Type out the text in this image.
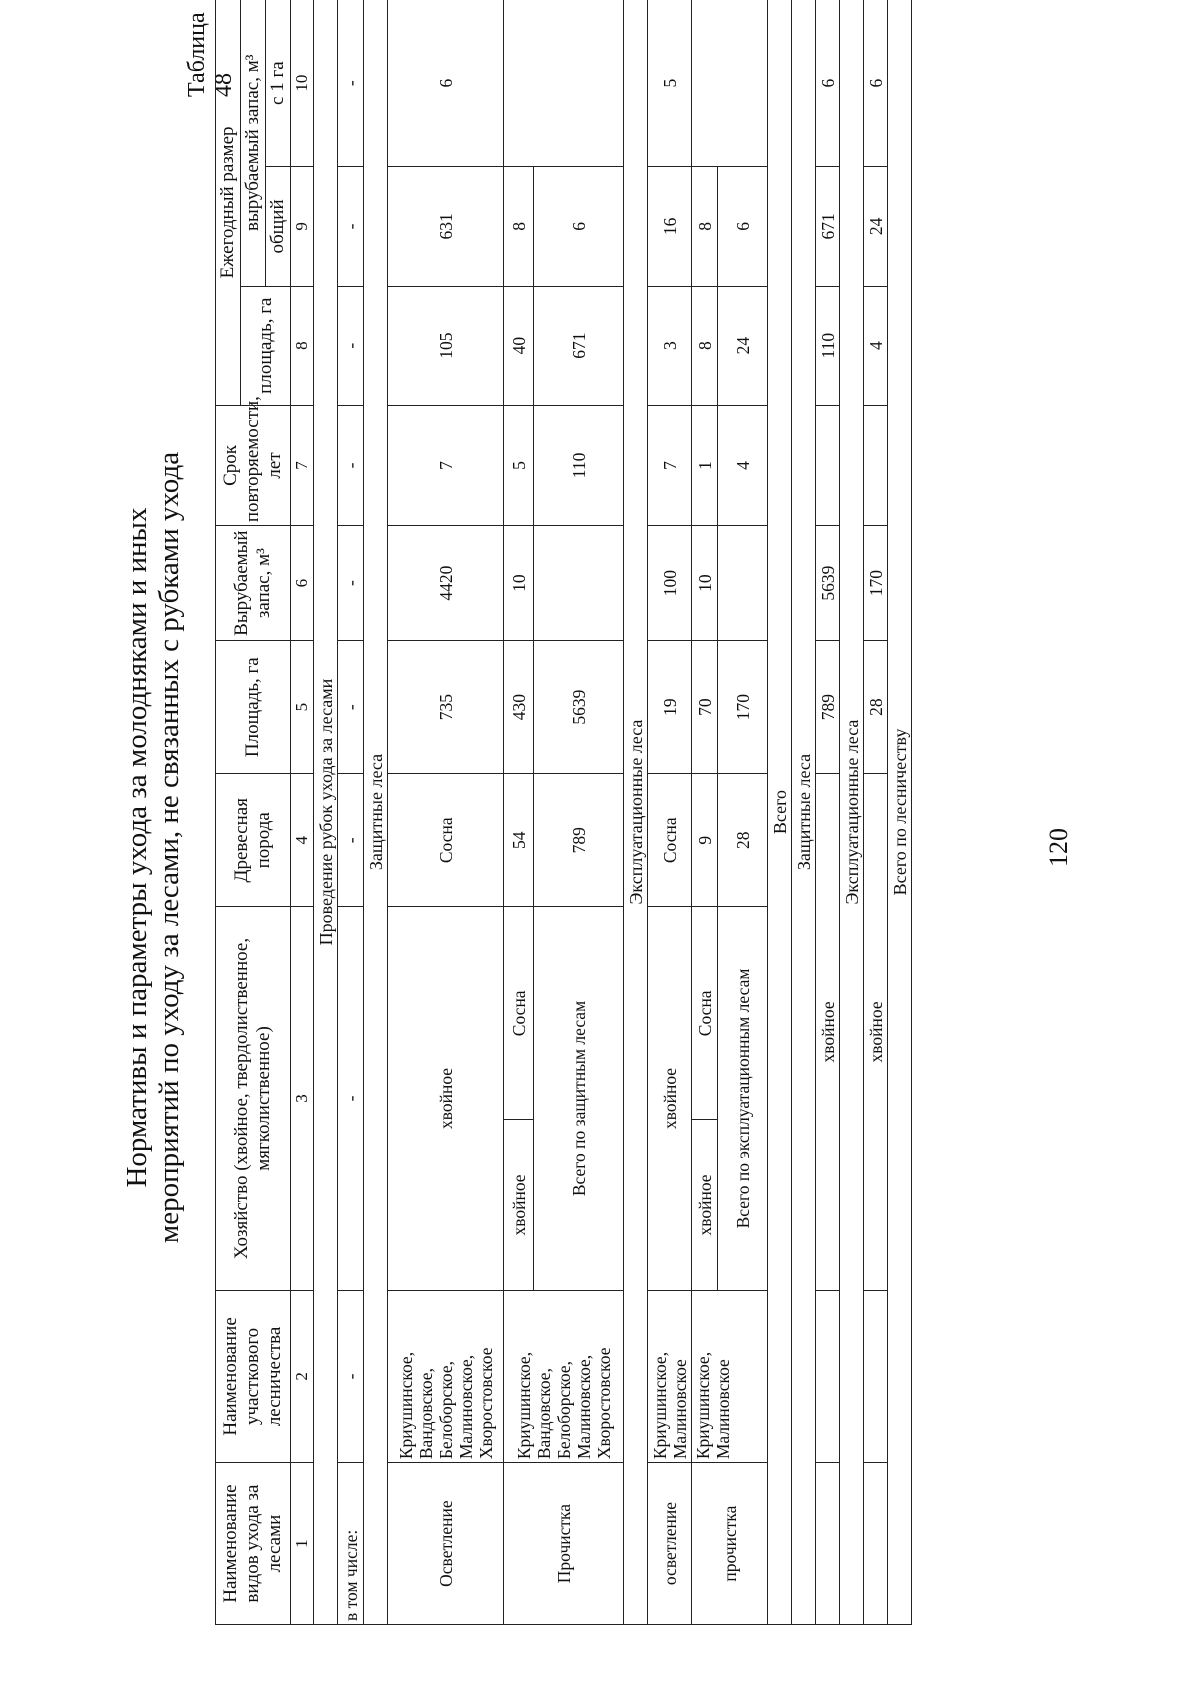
Нормативы и параметры ухода за молодняками и иных мероприятий по уходу за лесами, не связанных с рубками ухода
Таблица 48
Наименование видов ухода за лесами	Наименование участкового лесничества	Хозяйство (хвойное, твердолиственное, мягколиственное)		Древесная порода	Площадь, га	Вырубаемый запас, м³	Срок повторяемости, лет	Ежегодный размер		
								площадь, га	вырубаемый запас, м³	
									общий	с 1 га
1	2	3		4	5	6	7	8	9	10
Проведение рубок ухода за лесами										
в том числе:	-	-		-	-	-	-	-	-	-
Защитные леса										
Осветление	Криушинское, Вандовское, Белоборское, Малиновское, Хворостовское	хвойное		Сосна	735	4420	7	105	631	6
Прочистка	Криушинское, Вандовское, Белоборское, Малиновское, Хворостовское	хвойное	Сосна	54	430	10	5	40	8	
		Всего по защитным лесам		789	5639		110	671	6	
Эксплуатационные леса										
осветление	Криушинское, Малиновское	хвойное		Сосна	19	100	7	3	16	5
прочистка	Криушинское, Малиновское	хвойное	Сосна	9	70	10	1	8	8	
		Всего по эксплуатационным лесам		28	170		4	24	6	
Всего										
Защитные леса										
		хвойное			789	5639		110	671	6
Эксплуатационные леса										
		хвойное			28	170		4	24	6
Всего по лесничеству											120
